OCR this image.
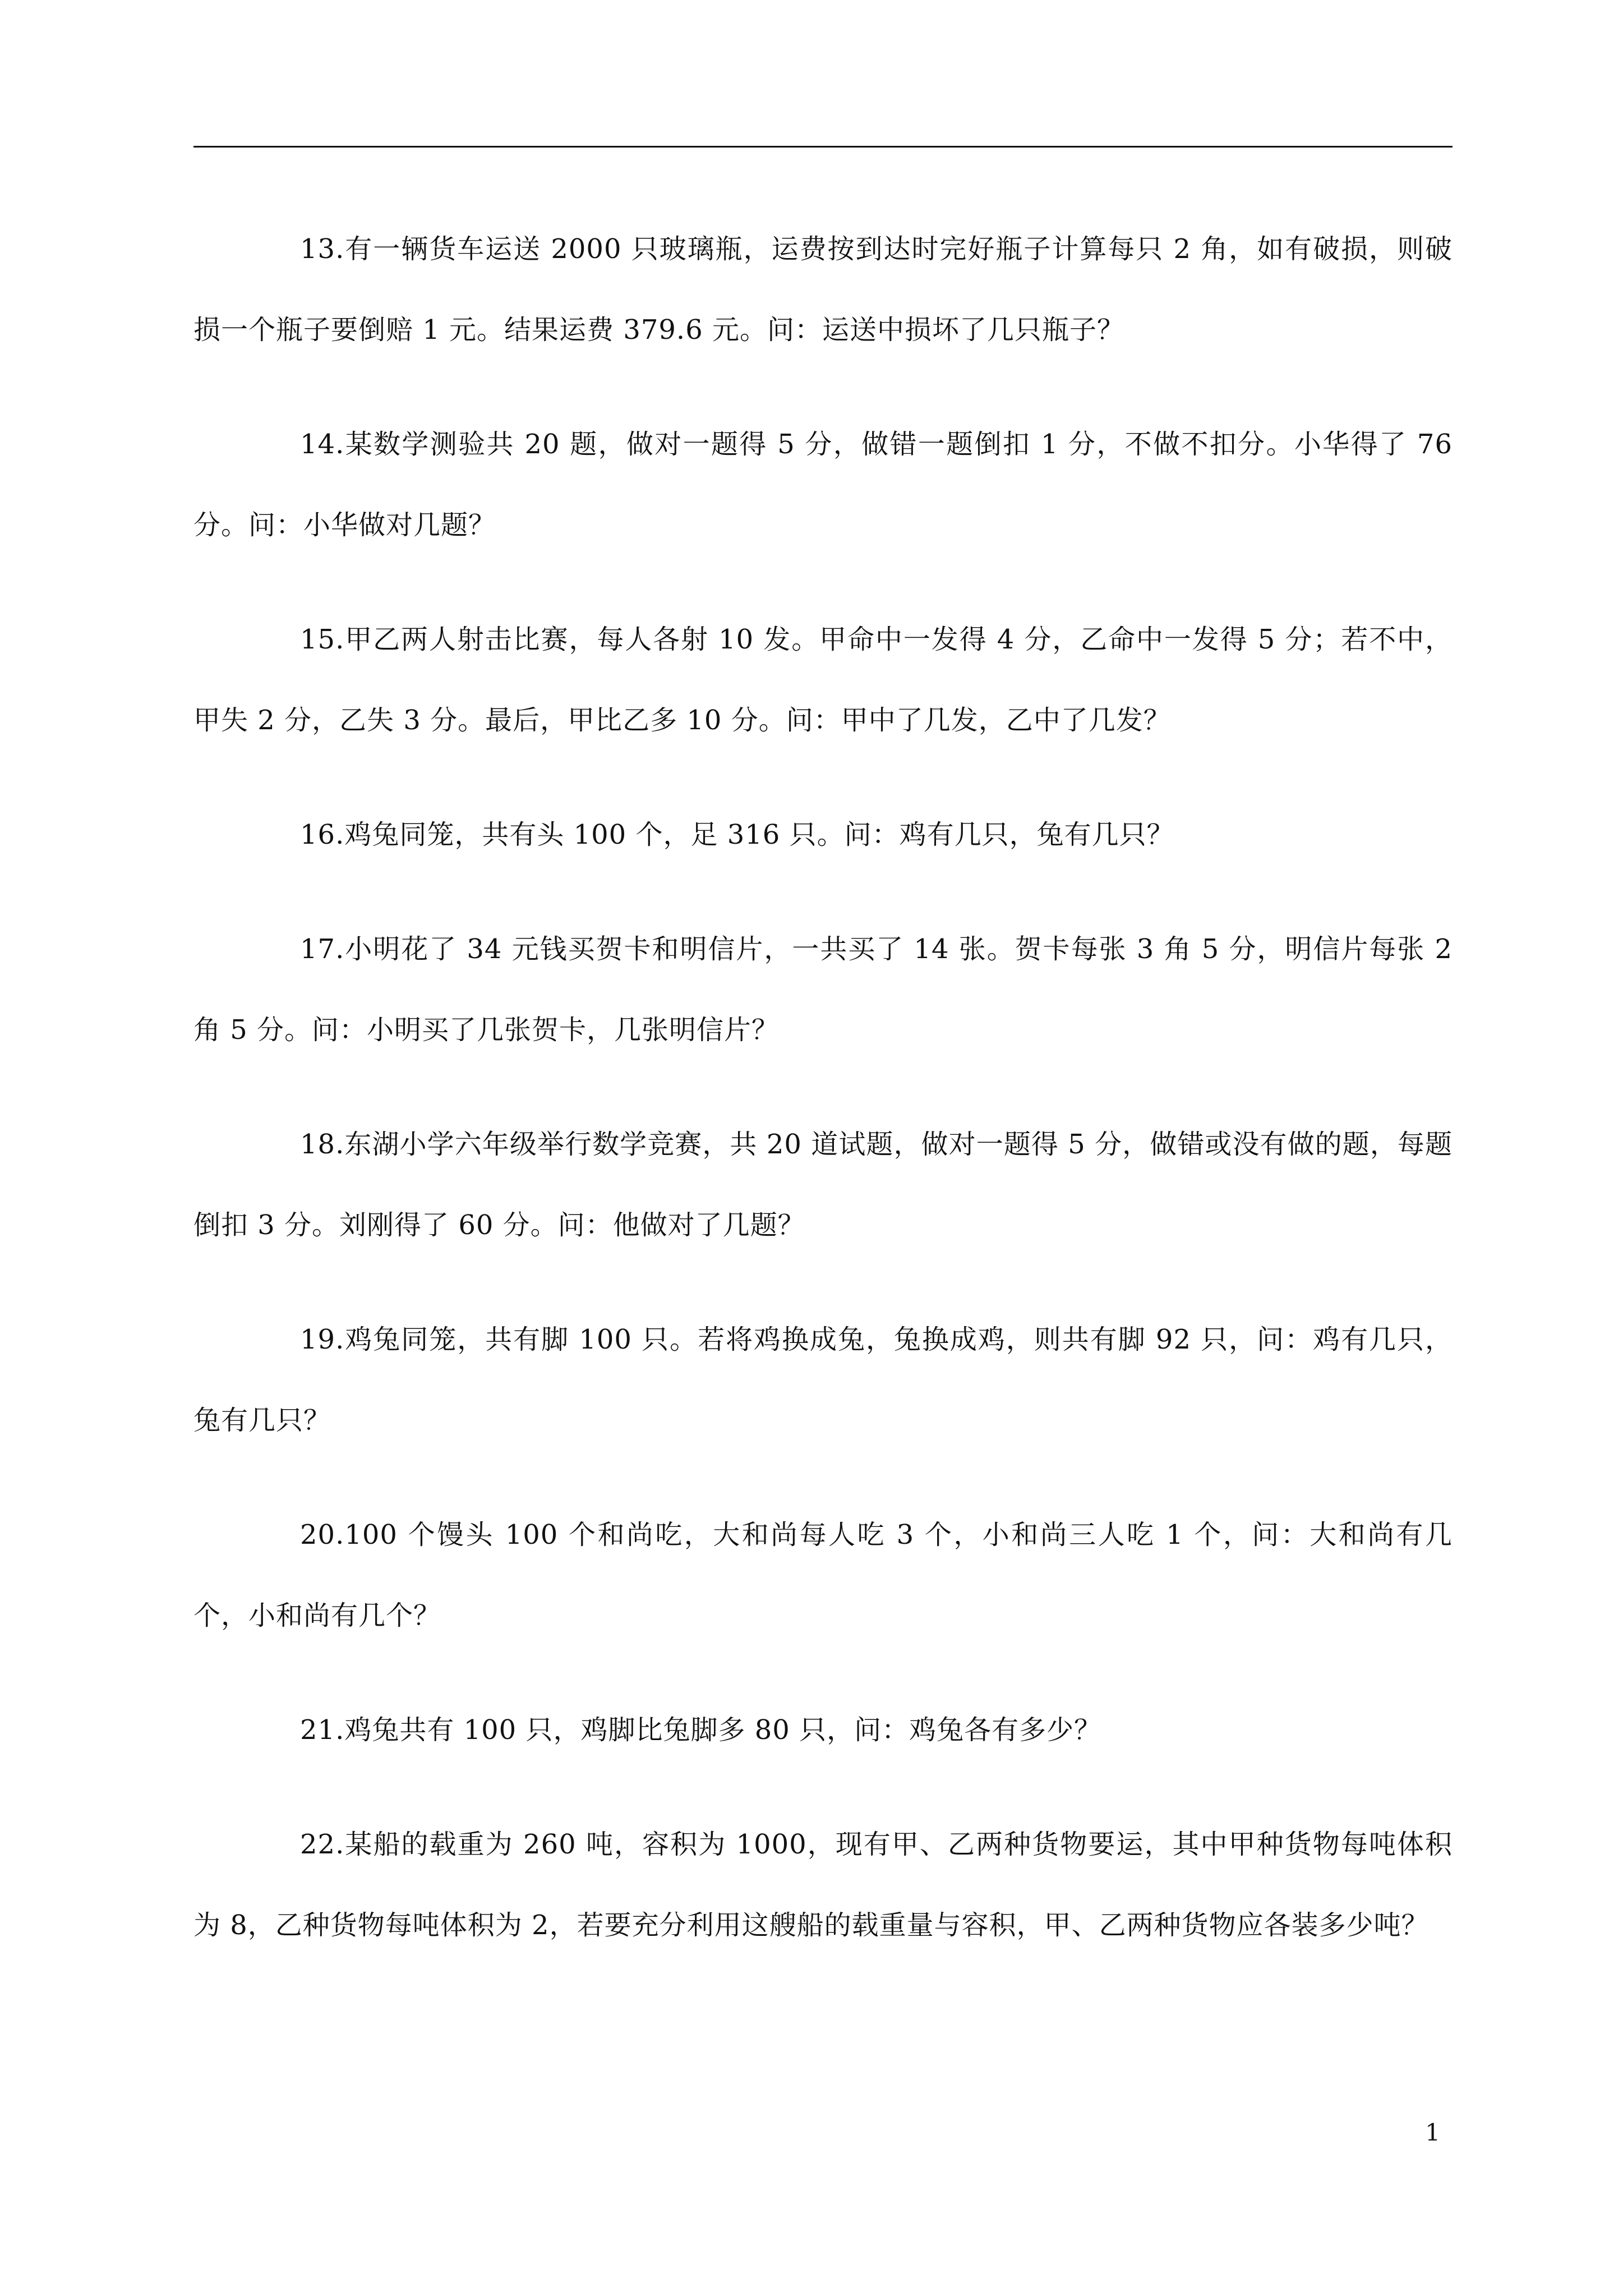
13.有一辆货车运送 2000 只玻璃瓶，运费按到达时完好瓶子计算每只 2 角，如有破损，则破损一个瓶子要倒赔 1 元。结果运费 379.6 元。问：运送中损坏了几只瓶子？

14.某数学测验共 20 题，做对一题得 5 分，做错一题倒扣 1 分，不做不扣分。小华得了 76 分。问：小华做对几题？

15.甲乙两人射击比赛，每人各射 10 发。甲命中一发得 4 分，乙命中一发得 5 分；若不中，甲失 2 分，乙失 3 分。最后，甲比乙多 10 分。问：甲中了几发，乙中了几发？

16.鸡兔同笼，共有头 100 个，足 316 只。问：鸡有几只，兔有几只？

17.小明花了 34 元钱买贺卡和明信片，一共买了 14 张。贺卡每张 3 角 5 分，明信片每张 2 角 5 分。问：小明买了几张贺卡，几张明信片？

18.东湖小学六年级举行数学竞赛，共 20 道试题，做对一题得 5 分，做错或没有做的题，每题倒扣 3 分。刘刚得了 60 分。问：他做对了几题？

19.鸡兔同笼，共有脚 100 只。若将鸡换成兔，兔换成鸡，则共有脚 92 只，问：鸡有几只，兔有几只？

20.100 个馒头 100 个和尚吃，大和尚每人吃 3 个，小和尚三人吃 1 个，问：大和尚有几个，小和尚有几个？

21.鸡兔共有 100 只，鸡脚比兔脚多 80 只，问：鸡兔各有多少？

22.某船的载重为 260 吨，容积为 1000，现有甲、乙两种货物要运，其中甲种货物每吨体积为 8，乙种货物每吨体积为 2，若要充分利用这艘船的载重量与容积，甲、乙两种货物应各装多少吨？

1
